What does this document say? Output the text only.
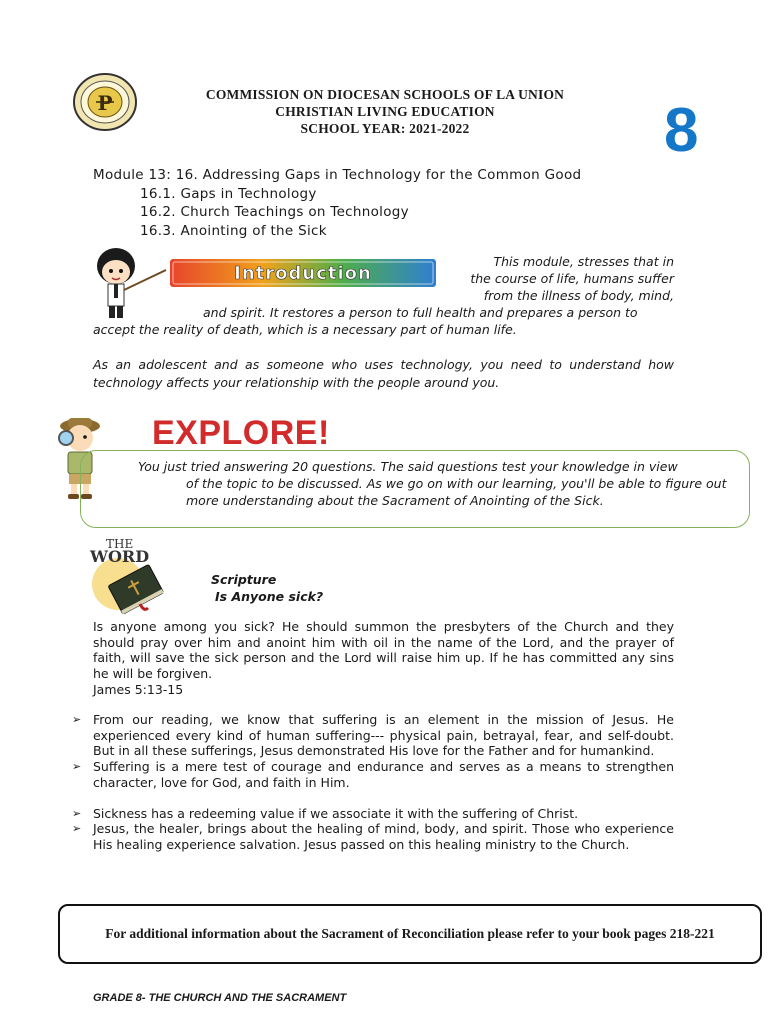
P	COMMISSION ON DIOCESAN SCHOOLS OF LA UNION
CHRISTIAN LIVING EDUCATION
SCHOOL YEAR: 2021-2022	8
Module 13: 16. Addressing Gaps in Technology for the Common Good
16.1. Gaps in Technology
16.2. Church Teachings on Technology
16.3. Anointing of the Sick
Introduction
This module, stresses that in
the course of life, humans suffer
from the illness of body, mind,
and spirit. It restores a person to full health and prepares a person to
accept the reality of death, which is a necessary part of human life.
As an adolescent and as someone who uses technology, you need to understand how technology affects your relationship with the people around you.
EXPLORE!
You just tried answering 20 questions. The said questions test your knowledge in view
of the topic to be discussed. As we go on with our learning, you'll be able to figure out more understanding about the Sacrament of Anointing of the Sick.
THE
WORD
Scripture
Is Anyone sick?
Is anyone among you sick? He should summon the presbyters of the Church and they should pray over him and anoint him with oil in the name of the Lord, and the prayer of faith, will save the sick person and the Lord will raise him up. If he has committed any sins he will be forgiven.
James 5:13-15
➢ From our reading, we know that suffering is an element in the mission of Jesus. He experienced every kind of human suffering--- physical pain, betrayal, fear, and self-doubt. But in all these sufferings, Jesus demonstrated His love for the Father and for humankind.
➢ Suffering is a mere test of courage and endurance and serves as a means to strengthen character, love for God, and faith in Him.
➢ Sickness has a redeeming value if we associate it with the suffering of Christ.
➢ Jesus, the healer, brings about the healing of mind, body, and spirit. Those who experience His healing experience salvation. Jesus passed on this healing ministry to the Church.
For additional information about the Sacrament of Reconciliation please refer to your book pages 218-221
GRADE 8- THE CHURCH AND THE SACRAMENT
